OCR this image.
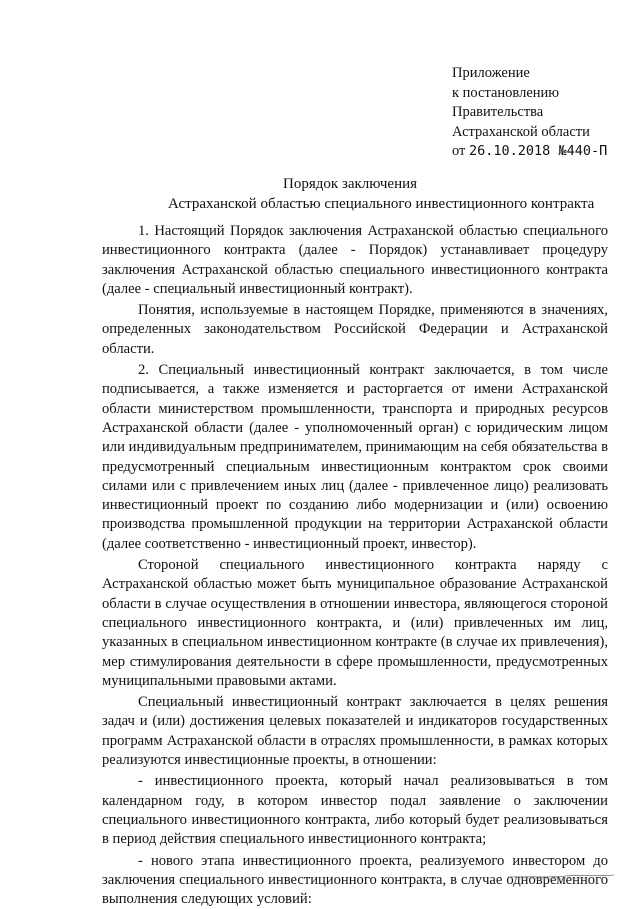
Приложение
к постановлению
Правительства
Астраханской области
от 26.10.2018 №440-П
Порядок заключения
Астраханской областью специального инвестиционного контракта

1. Настоящий Порядок заключения Астраханской областью специального инвестиционного контракта (далее - Порядок) устанавливает процедуру заключения Астраханской областью специального инвестиционного контракта (далее - специальный инвестиционный контракт).

Понятия, используемые в настоящем Порядке, применяются в значениях, определенных законодательством Российской Федерации и Астраханской области.

2. Специальный инвестиционный контракт заключается, в том числе подписывается, а также изменяется и расторгается от имени Астраханской области министерством промышленности, транспорта и природных ресурсов Астраханской области (далее - уполномоченный орган) с юридическим лицом или индивидуальным предпринимателем, принимающим на себя обязательства в предусмотренный специальным инвестиционным контрактом срок своими силами или с привлечением иных лиц (далее - привлеченное лицо) реализовать инвестиционный проект по созданию либо модернизации и (или) освоению производства промышленной продукции на территории Астраханской области (далее соответственно - инвестиционный проект, инвестор).

Стороной специального инвестиционного контракта наряду с Астраханской областью может быть муниципальное образование Астраханской области в случае осуществления в отношении инвестора, являющегося стороной специального инвестиционного контракта, и (или) привлеченных им лиц, указанных в специальном инвестиционном контракте (в случае их привлечения), мер стимулирования деятельности в сфере промышленности, предусмотренных муниципальными правовыми актами.

Специальный инвестиционный контракт заключается в целях решения задач и (или) достижения целевых показателей и индикаторов государственных программ Астраханской области в отраслях промышленности, в рамках которых реализуются инвестиционные проекты, в отношении:

- инвестиционного проекта, который начал реализовываться в том календарном году, в котором инвестор подал заявление о заключении специального инвестиционного контракта, либо который будет реализовываться в период действия специального инвестиционного контракта;

- нового этапа инвестиционного проекта, реализуемого инвестором до заключения специального инвестиционного контракта, в случае одновременного выполнения следующих условий:
